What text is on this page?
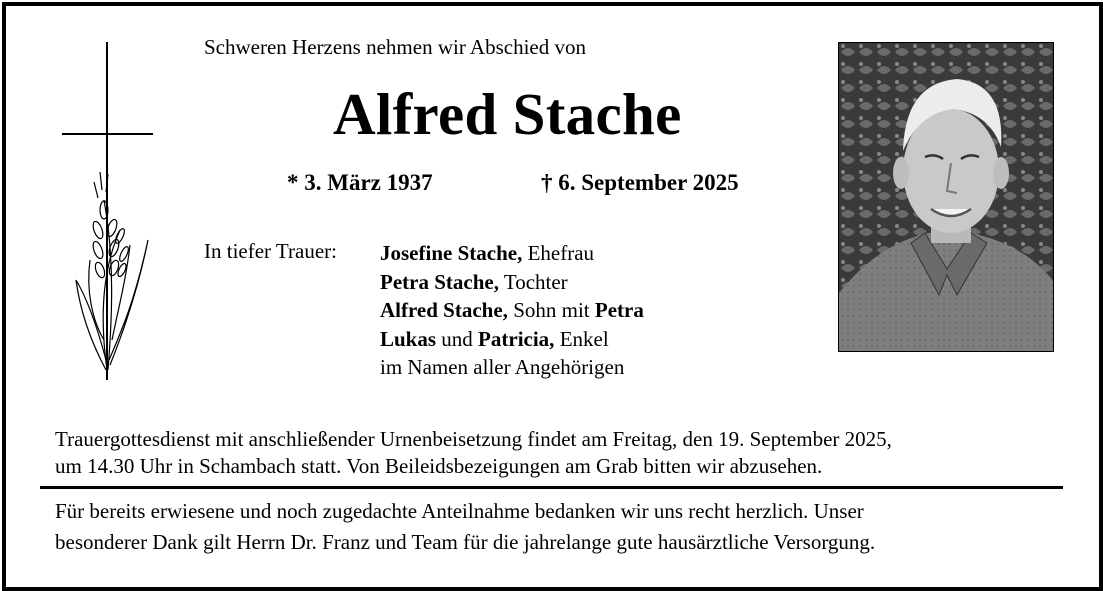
Schweren Herzens nehmen wir Abschied von
Alfred Stache
* 3. März 1937	† 6. September 2025
In tiefer Trauer: Josefine Stache, Ehefrau
Petra Stache, Tochter
Alfred Stache, Sohn mit Petra
Lukas und Patricia, Enkel
im Namen aller Angehörigen
Trauergottesdienst mit anschließender Urnenbeisetzung findet am Freitag, den 19. September 2025,
um 14.30 Uhr in Schambach statt. Von Beileidsbezeigungen am Grab bitten wir abzusehen.
Für bereits erwiesene und noch zugedachte Anteilnahme bedanken wir uns recht herzlich. Unser
besonderer Dank gilt Herrn Dr. Franz und Team für die jahrelange gute hausärztliche Versorgung.
